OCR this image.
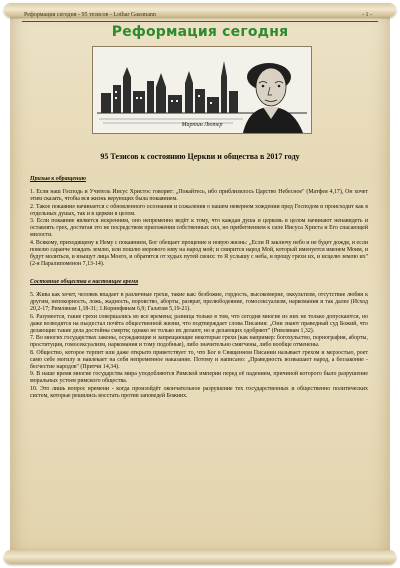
Реформация сегодня - 95 тезисов - Lothar Gassmann	- 1 -
Реформация сегодня
Мартин Лютер
95 Тезисов к состоянию Церкви и общества в 2017 году
Призыв к обращению

1. Если наш Господь и Учитель Иисус Христос говорит: „Покайтесь, ибо приблизилось Царство Небесное" (Матфея 4,17), Он хочет этим сказать, чтобы вся жизнь верующих была покаянием.

2. Такое покаяние начинается с обновленного осознания и сожаления о нашем неверном хождении пред Господом и происходит как в отдельных душах, так и в церкви в целом.

3. Если покаяние является искренним, оно непременно ведёт к тому, что каждая душа и церковь в целом начинают ненавидеть и оставлять грех, достигая это не посредством приложения собственных сил, но прибегнением к силе Иисуса Христа и Его спасающей милости.

4. Всякому, приходящему к Нему с покаянием, Бог обещает прощение и новую жизнь: „Если Я заключу небо и не будет дождя, и если повелю саранче поядать землю, или пошлю морового язву на народ мой; и смирится народ Мой, который именуется именем Моим, и будут молиться, и взыщут лица Моего, и обратятся от худых путей своих: то Я услышу с неба, и прощу грехи их, и исцелю землю их" (2-я Паралипоменон 7,13-14).

Состояние общества в настоящее время

5. Жива как хочет, человек впадает в различные грехи, такие как: безбожие, гордость, высокомерие, оккультизм, отсутствие любви к другим, непокорность, ложь, жадность, воровство, аборты, разврат, прелюбодеяние, гомосексуализм, наркомания и так далее (Исход 20,2-17; Римлянам 1,18-31; 1.Коринфянам 6,9; Галатам 5,19-21).

6. Разумеется, такие грехи совершались во все времена; разница только в том, что сегодня многие из них не только допускаются, но даже возводятся на пьедестал почёта общественной жизни, что подтверждает слова Писания: „Они знают праведный суд Божий, что делающие такие дела достойны смерти; однако не только их делают, но и делающих одобряют" (Римлянам 1,32).

7. Во многих государствах законы, осуждающие и запрещающие некоторые грехи (как например: богохульство, порнография, аборты, проституция, гомосексуализм, наркомания и тому подобные), либо значительно смягчены, либо вообще отменены.

8. Общество, которое терпит или даже открыто приветствует то, что Бог в Священном Писании называет грехом и мерзостью, роет само себе могилу и навлекает на себя непременное наказание. Потому и написано: „Праведность возвышает народ, а беззаконие - бесчестие народов" (Притчи 14,34).

9. В наше время многие государства мира уподобляются Римской империи перед её падением, причиной которого было разрушение моральных устоев римского общества.

10. Это лишь вопрос времени - когда произойдёт окончательное разрушение тех государственных и общественно политических систем, которые решились восстать против заповедей Божиих.
